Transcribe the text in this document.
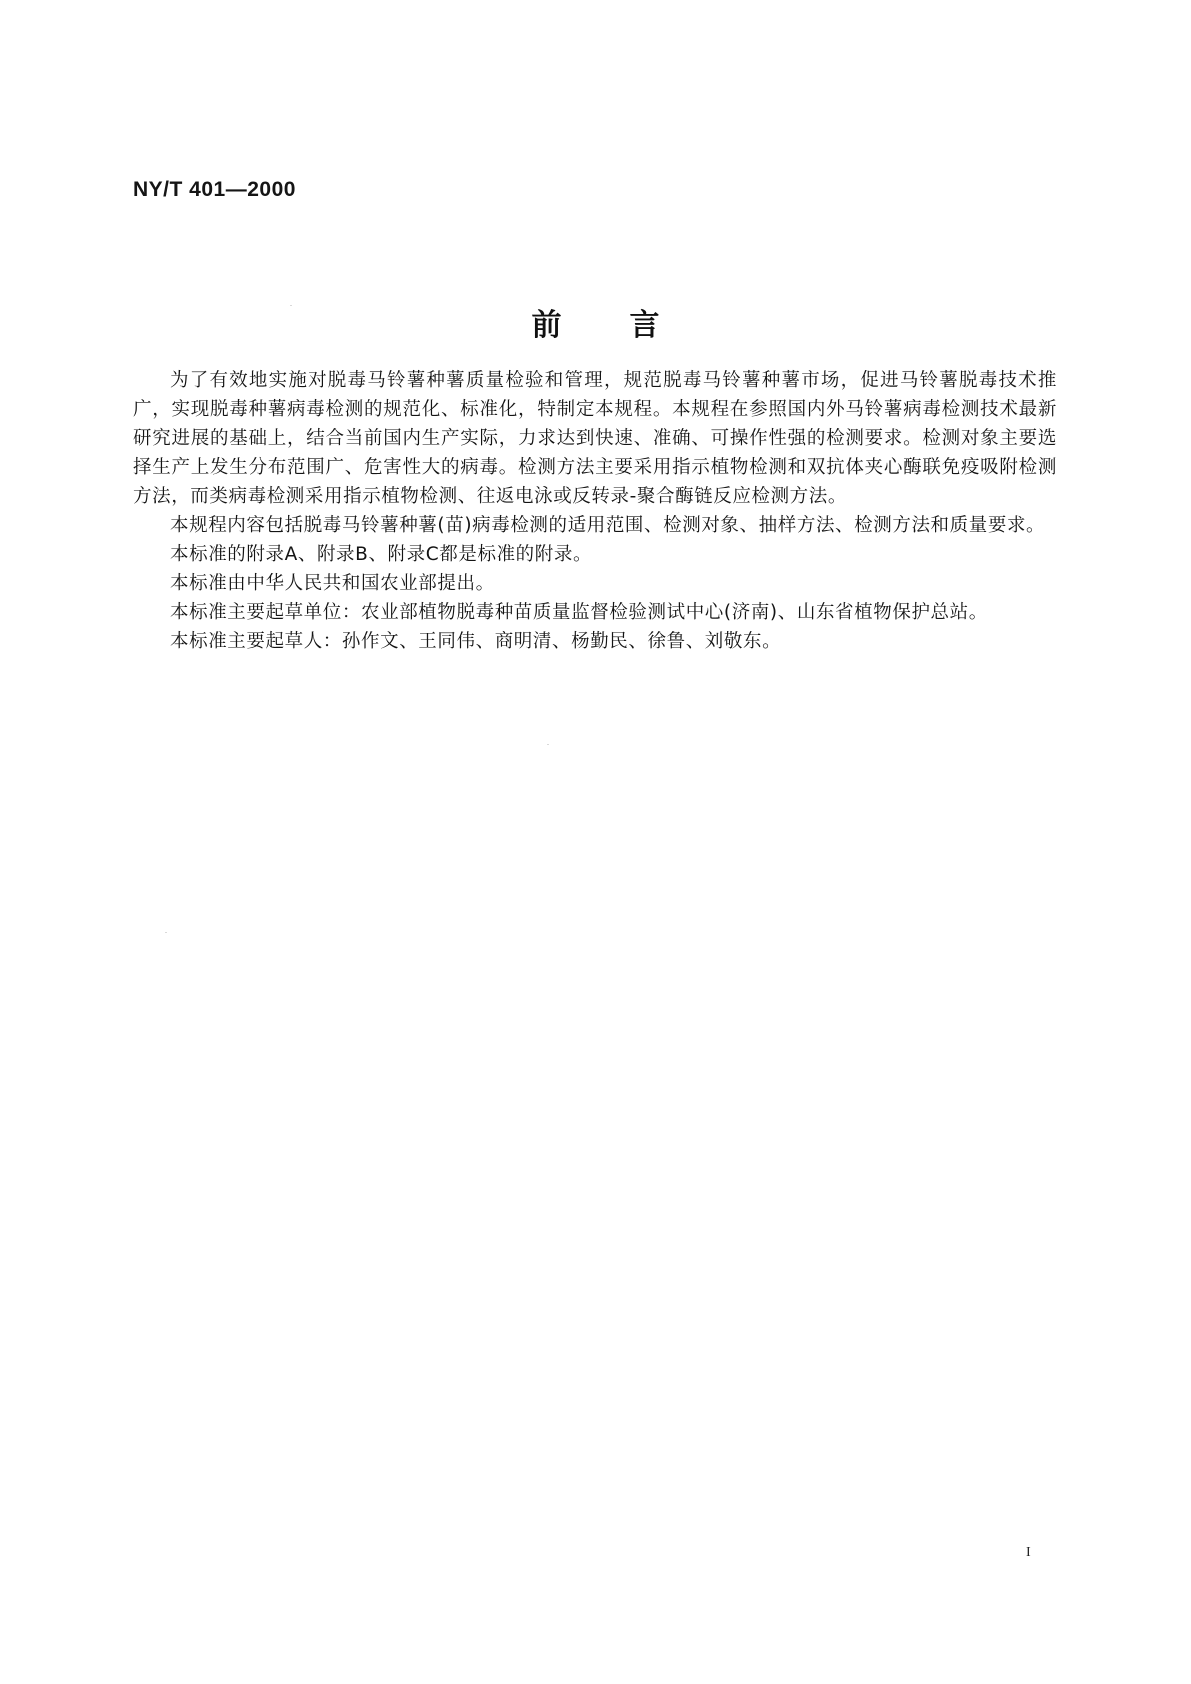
NY/T 401—2000
前言

为了有效地实施对脱毒马铃薯种薯质量检验和管理，规范脱毒马铃薯种薯市场，促进马铃薯脱毒技术推广，实现脱毒种薯病毒检测的规范化、标准化，特制定本规程。本规程在参照国内外马铃薯病毒检测技术最新研究进展的基础上，结合当前国内生产实际，力求达到快速、准确、可操作性强的检测要求。检测对象主要选择生产上发生分布范围广、危害性大的病毒。检测方法主要采用指示植物检测和双抗体夹心酶联免疫吸附检测方法，而类病毒检测采用指示植物检测、往返电泳或反转录-聚合酶链反应检测方法。

本规程内容包括脱毒马铃薯种薯(苗)病毒检测的适用范围、检测对象、抽样方法、检测方法和质量要求。

本标准的附录A、附录B、附录C都是标准的附录。

本标准由中华人民共和国农业部提出。

本标准主要起草单位：农业部植物脱毒种苗质量监督检验测试中心(济南)、山东省植物保护总站。

本标准主要起草人：孙作文、王同伟、商明清、杨勤民、徐鲁、刘敬东。

I
